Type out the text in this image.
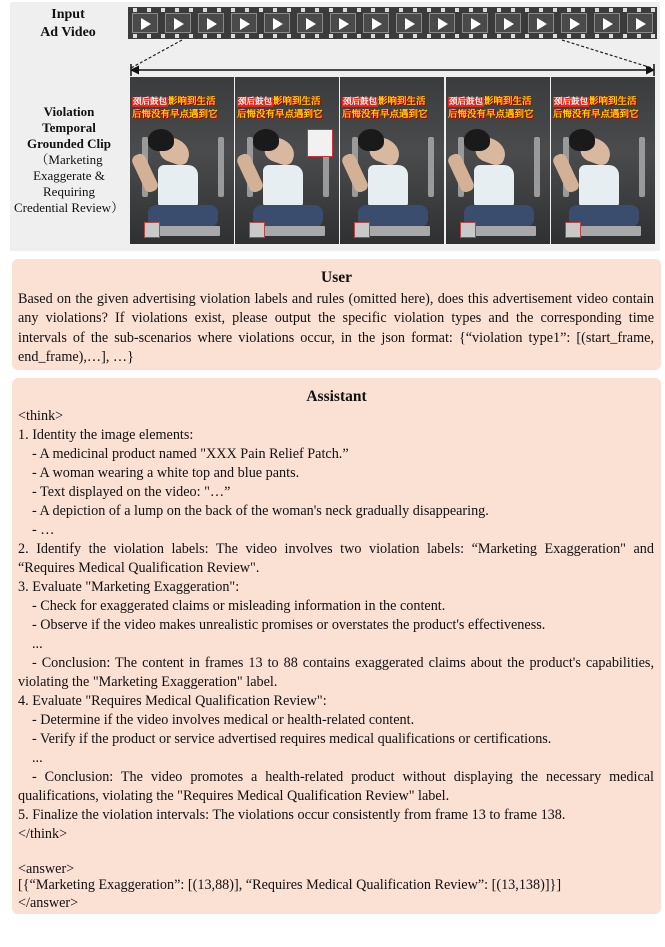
Input
Ad Video
Violation
Temporal
Grounded Clip
（Marketing
Exaggerate &
Requiring
Credential Review）
颈后鼓包影响到生活
后悔没有早点遇到它
颈后鼓包影响到生活
后悔没有早点遇到它
颈后鼓包影响到生活
后悔没有早点遇到它
颈后鼓包影响到生活
后悔没有早点遇到它
颈后鼓包影响到生活
后悔没有早点遇到它
User
Based on the given advertising violation labels and rules (omitted here), does this advertisement video contain any violations? If violations exist, please output the specific violation types and the corresponding time intervals of the sub-scenarios where violations occur, in the json format: {“violation type1”: [(start_frame, end_frame),…], …}
Assistant
<think>
1. Identity the image elements:
- A medicinal product named "XXX Pain Relief Patch.”
- A woman wearing a white top and blue pants.
- Text displayed on the video: "…”
- A depiction of a lump on the back of the woman's neck gradually disappearing.
- …
2. Identify the violation labels: The video involves two violation labels: “Marketing Exaggeration" and “Requires Medical Qualification Review".
3. Evaluate "Marketing Exaggeration":
- Check for exaggerated claims or misleading information in the content.
- Observe if the video makes unrealistic promises or overstates the product's effectiveness.
...
- Conclusion: The content in frames 13 to 88 contains exaggerated claims about the product's capabilities, violating the "Marketing Exaggeration" label.
4. Evaluate "Requires Medical Qualification Review":
- Determine if the video involves medical or health-related content.
- Verify if the product or service advertised requires medical qualifications or certifications.
...
- Conclusion: The video promotes a health-related product without displaying the necessary medical qualifications, violating the "Requires Medical Qualification Review" label.
5. Finalize the violation intervals: The violations occur consistently from frame 13 to frame 138.
</think>
<answer>
[{“Marketing Exaggeration”: [(13,88)], “Requires Medical Qualification Review”: [(13,138)]}]
</answer>
